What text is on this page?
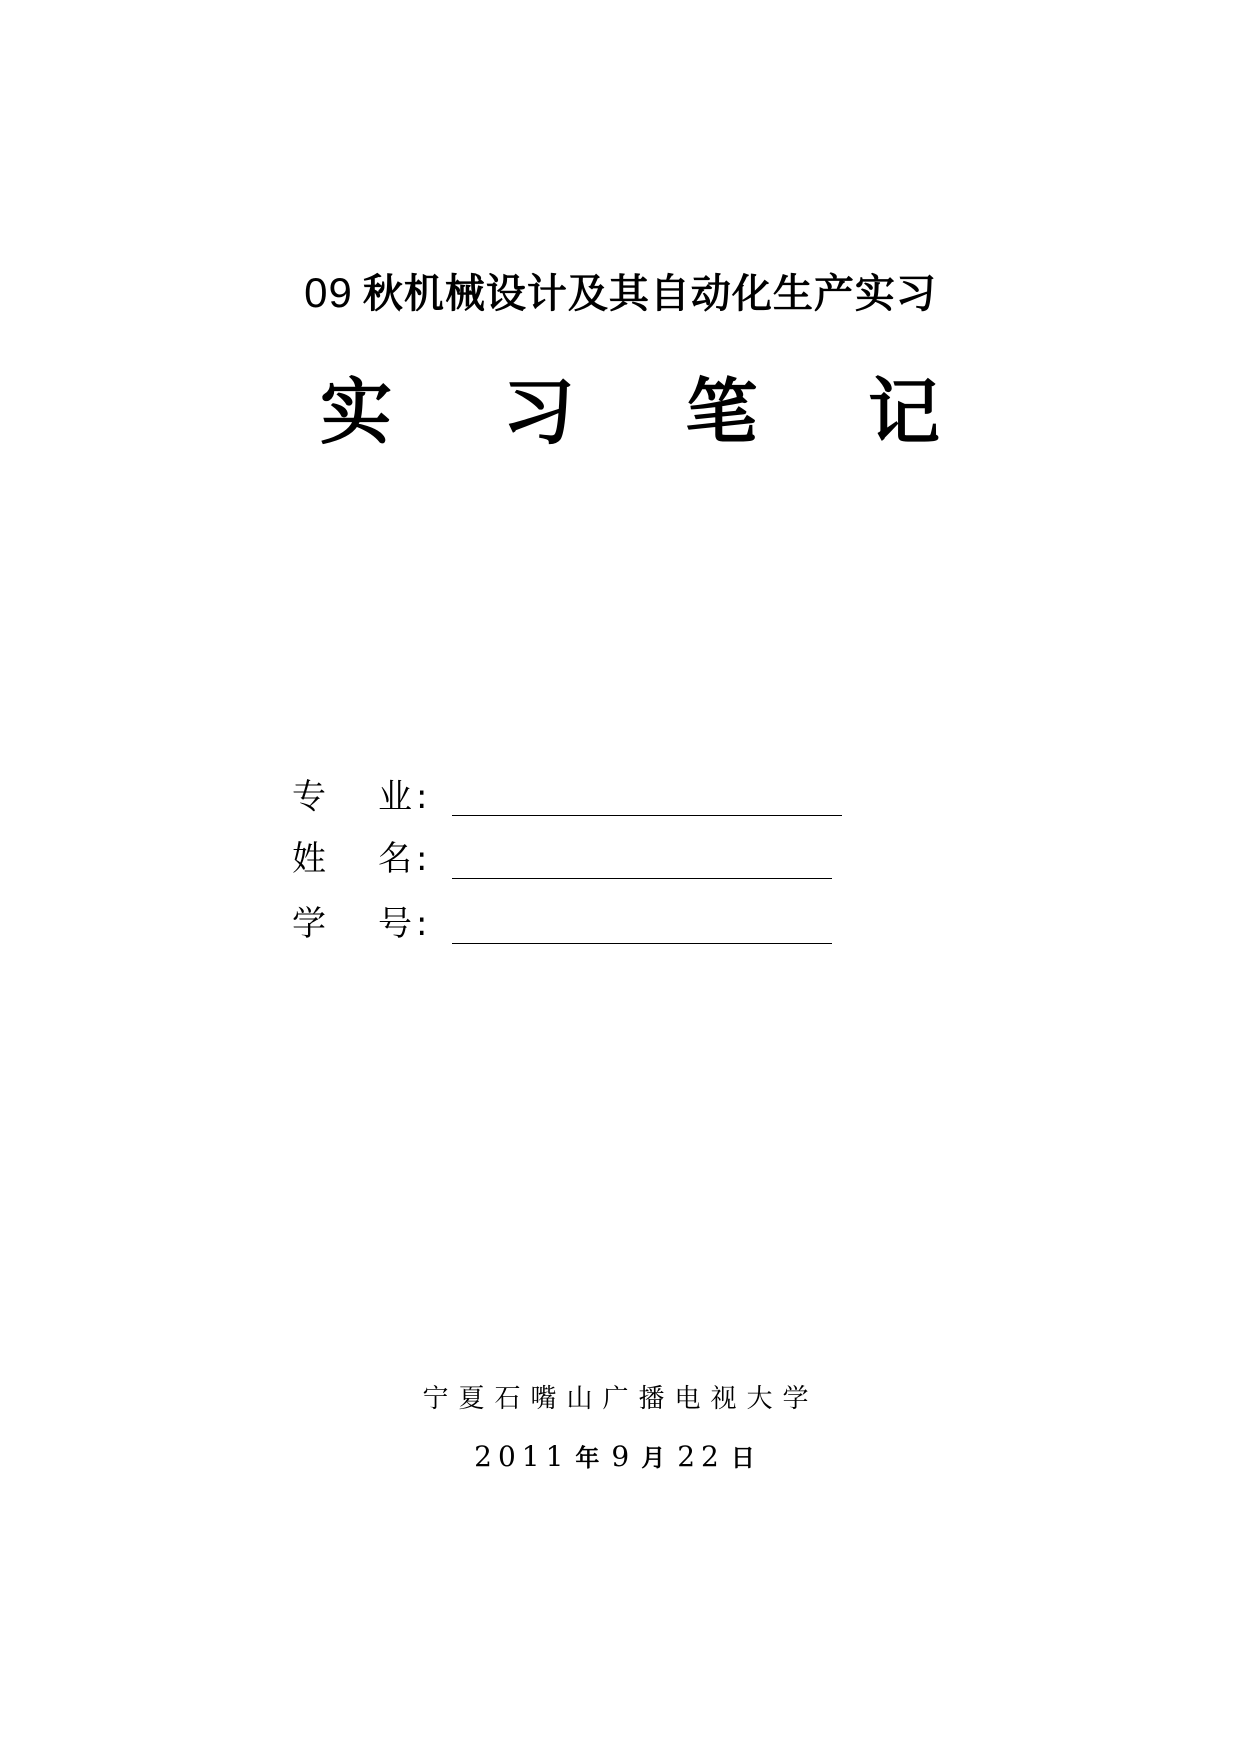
09 秋机械设计及其自动化生产实习
实 习 笔 记
专 业 :
姓 名 :
学 号 :
宁夏石嘴山广播电视大学
2011 年 9 月 22 日
